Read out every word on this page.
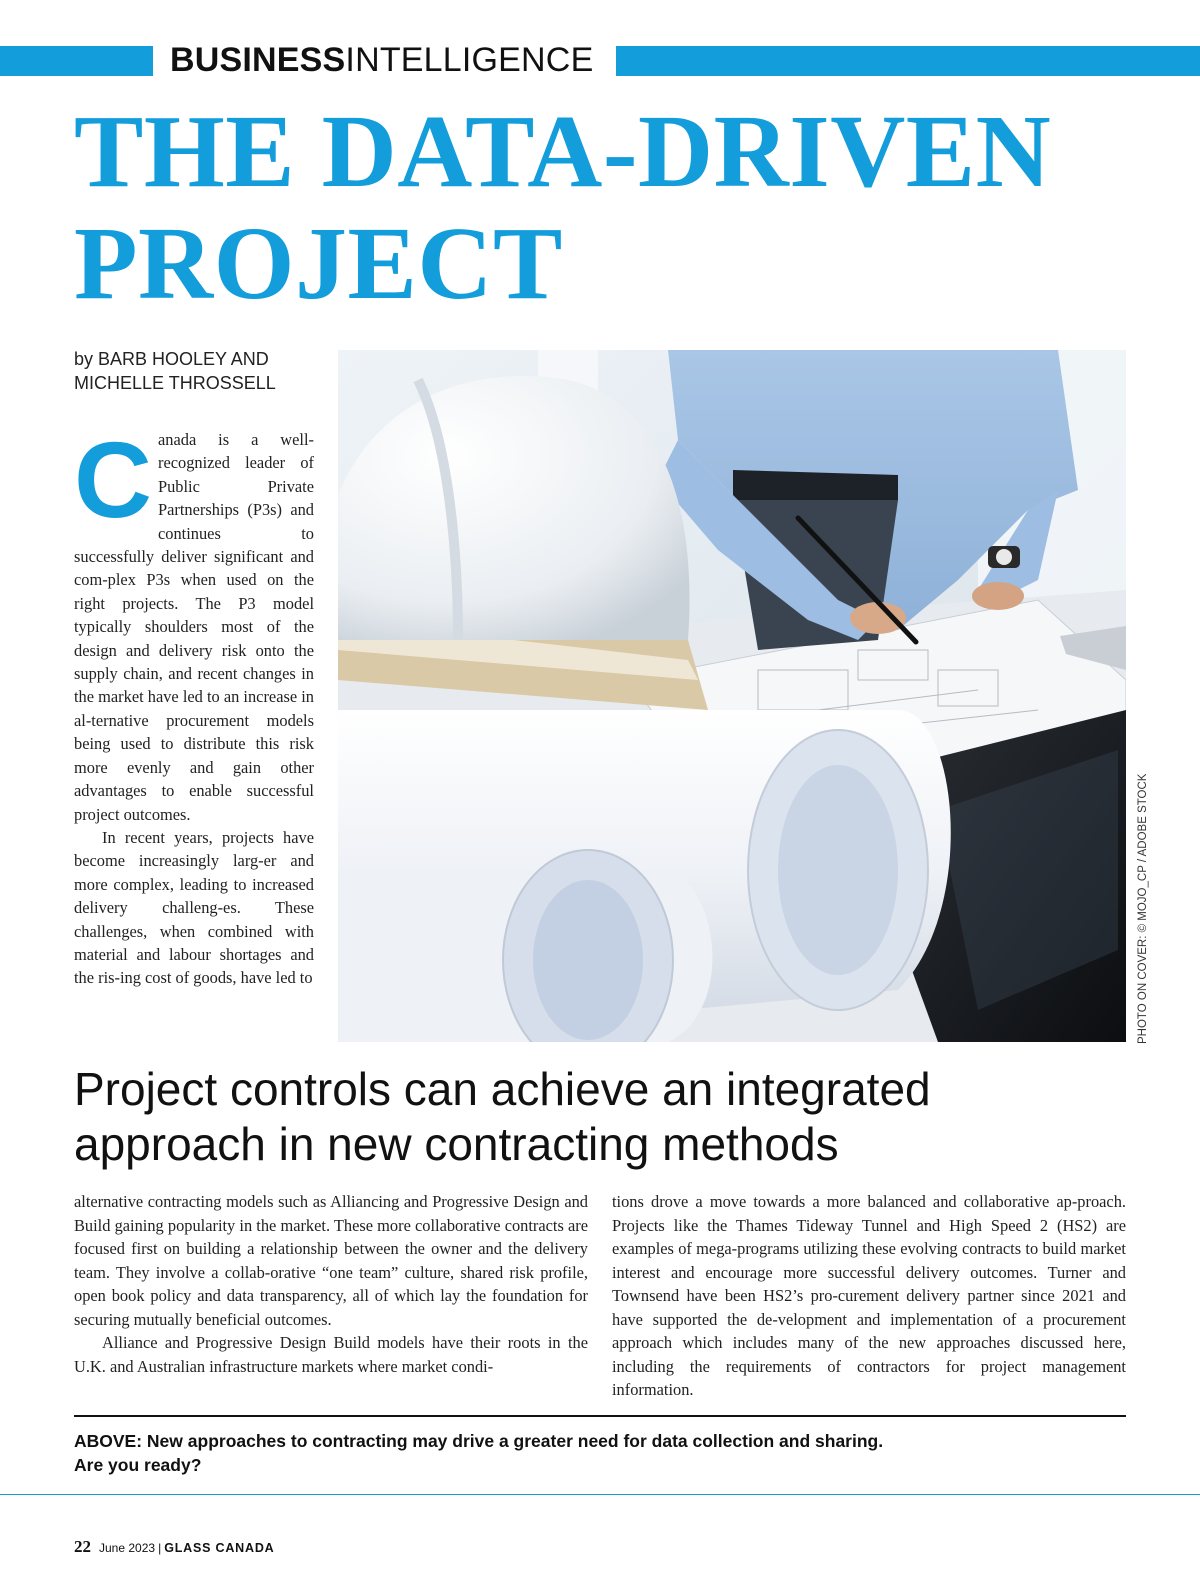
BUSINESSINTELLIGENCE
THE DATA-DRIVEN
PROJECT
by BARB HOOLEY AND
MICHELLE THROSSELL
C anada is a well-recognized leader of Public Private Partnerships (P3s) and continues to successfully deliver significant and com-plex P3s when used on the right projects. The P3 model typically shoulders most of the design and delivery risk onto the supply chain, and recent changes in the market have led to an increase in al-ternative procurement models being used to distribute this risk more evenly and gain other advantages to enable successful project outcomes.

In recent years, projects have become increasingly larg-er and more complex, leading to increased delivery challeng-es. These challenges, when combined with material and labour shortages and the ris-ing cost of goods, have led to	PHOTO ON COVER: © MOJO_CP / ADOBE STOCK
Project controls can achieve an integrated
approach in new contracting methods

alternative contracting models such as Alliancing and Progressive Design and Build gaining popularity in the market. These more collaborative contracts are focused first on building a relationship between the owner and the delivery team. They involve a collab-orative “one team” culture, shared risk profile, open book policy and data transparency, all of which lay the foundation for securing mutually beneficial outcomes.

Alliance and Progressive Design Build models have their roots in the U.K. and Australian infrastructure markets where market condi-

tions drove a move towards a more balanced and collaborative ap-proach. Projects like the Thames Tideway Tunnel and High Speed 2 (HS2) are examples of mega-programs utilizing these evolving contracts to build market interest and encourage more successful delivery outcomes. Turner and Townsend have been HS2’s pro-curement delivery partner since 2021 and have supported the de-velopment and implementation of a procurement approach which includes many of the new approaches discussed here, including the requirements of contractors for project management information.

ABOVE: New approaches to contracting may drive a greater need for data collection and sharing.
Are you ready?
22 June 2023 | GLASS CANADA
